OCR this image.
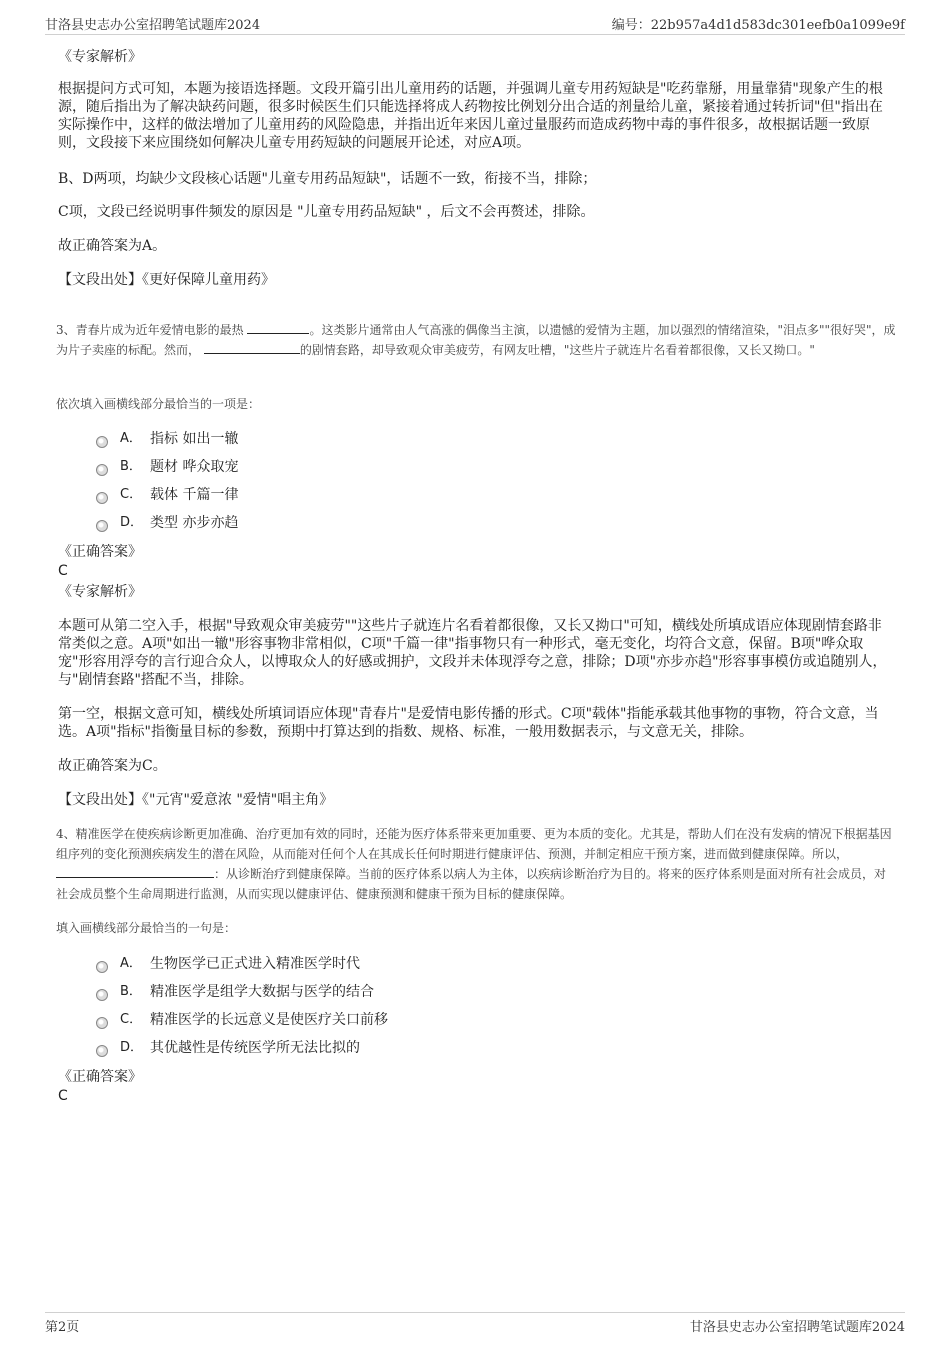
甘洛县史志办公室招聘笔试题库2024	编号：22b957a4d1d583dc301eefb0a1099e9f

《专家解析》

根据提问方式可知，本题为接语选择题。文段开篇引出儿童用药的话题，并强调儿童专用药短缺是"吃药靠掰，用量靠猜"现象产生的根源，随后指出为了解决缺药问题，很多时候医生们只能选择将成人药物按比例划分出合适的剂量给儿童，紧接着通过转折词"但"指出在实际操作中，这样的做法增加了儿童用药的风险隐患，并指出近年来因儿童过量服药而造成药物中毒的事件很多，故根据话题一致原则，文段接下来应围绕如何解决儿童专用药短缺的问题展开论述，对应A项。

B、D两项，均缺少文段核心话题"儿童专用药品短缺"，话题不一致，衔接不当，排除；

C项，文段已经说明事件频发的原因是 "儿童专用药品短缺" ，后文不会再赘述，排除。

故正确答案为A。

【文段出处】《更好保障儿童用药》

3、青春片成为近年爱情电影的最热	。这类影片通常由人气高涨的偶像当主演，以遗憾的爱情为主题，加以强烈的情绪渲染，"泪点多""很好哭"，成为片子卖座的标配。然而，	的剧情套路，却导致观众审美疲劳，有网友吐槽，"这些片子就连片名看着都很像，又长又拗口。"

依次填入画横线部分最恰当的一项是：

A． 指标 如出一辙
B． 题材 哗众取宠
C． 载体 千篇一律
D． 类型 亦步亦趋

《正确答案》

C

《专家解析》

本题可从第二空入手，根据"导致观众审美疲劳""这些片子就连片名看着都很像，又长又拗口"可知，横线处所填成语应体现剧情套路非常类似之意。A项"如出一辙"形容事物非常相似，C项"千篇一律"指事物只有一种形式，毫无变化，均符合文意，保留。B项"哗众取宠"形容用浮夸的言行迎合众人，以博取众人的好感或拥护，文段并未体现浮夸之意，排除；D项"亦步亦趋"形容事事模仿或追随别人，与"剧情套路"搭配不当，排除。

第一空，根据文意可知，横线处所填词语应体现"青春片"是爱情电影传播的形式。C项"载体"指能承载其他事物的事物，符合文意，当选。A项"指标"指衡量目标的参数，预期中打算达到的指数、规格、标准，一般用数据表示，与文意无关，排除。

故正确答案为C。

【文段出处】《"元宵"爱意浓 "爱情"唱主角》

4、精准医学在使疾病诊断更加准确、治疗更加有效的同时，还能为医疗体系带来更加重要、更为本质的变化。尤其是，帮助人们在没有发病的情况下根据基因组序列的变化预测疾病发生的潜在风险，从而能对任何个人在其成长任何时期进行健康评估、预测，并制定相应干预方案，进而做到健康保障。所以， ：从诊断治疗到健康保障。当前的医疗体系以病人为主体，以疾病诊断治疗为目的。将来的医疗体系则是面对所有社会成员，对社会成员整个生命周期进行监测，从而实现以健康评估、健康预测和健康干预为目标的健康保障。

填入画横线部分最恰当的一句是：

A． 生物医学已正式进入精准医学时代
B． 精准医学是组学大数据与医学的结合
C． 精准医学的长远意义是使医疗关口前移
D． 其优越性是传统医学所无法比拟的

《正确答案》

C

第2页	甘洛县史志办公室招聘笔试题库2024
